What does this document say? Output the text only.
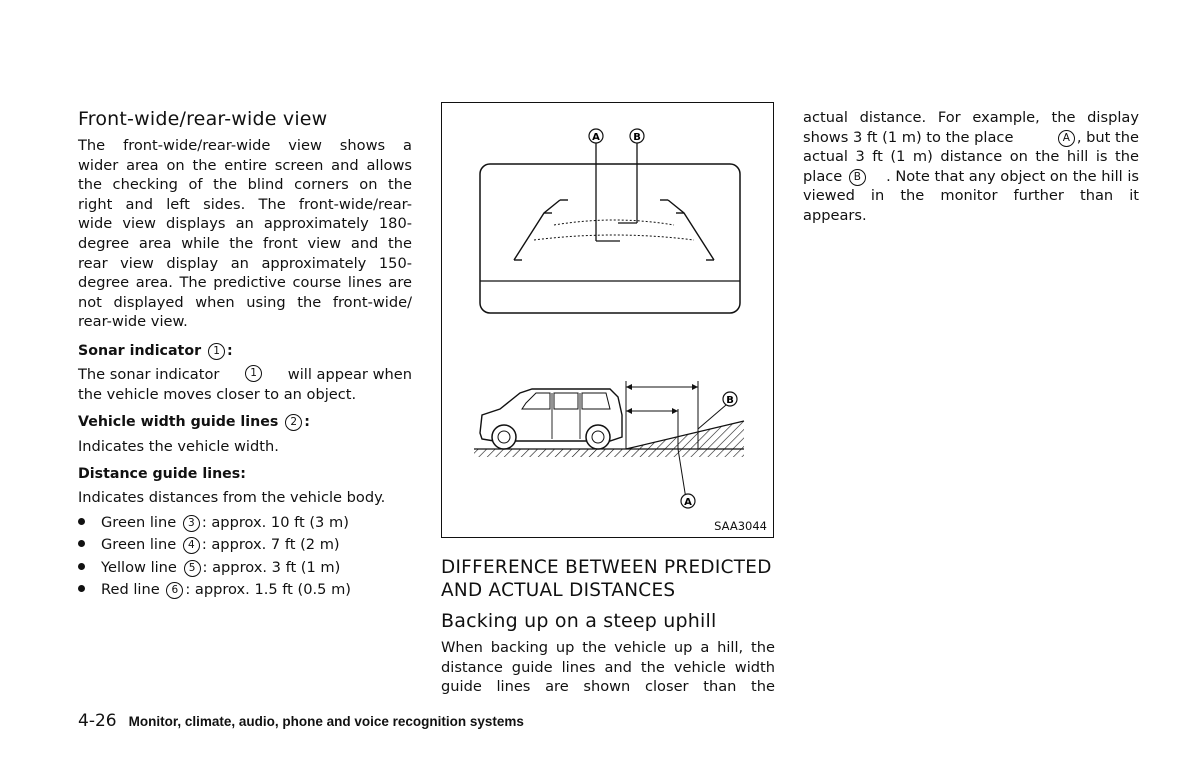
Front-wide/rear-wide view
The front-wide/rear-wide view shows a
wider area on the entire screen and allows
the checking of the blind corners on the
right and left sides. The front-wide/rear-
wide view displays an approximately 180-
degree area while the front view and the
rear view display an approximately 150-
degree area. The predictive course lines are
not displayed when using the front-wide/
rear-wide view.
Sonar indicator 1 :
The sonar indicator	1	will appear when
the vehicle moves closer to an object.
Vehicle width guide lines 2 :
Indicates the vehicle width.
Distance guide lines:
Indicates distances from the vehicle body.
Green line 3 : approx. 10 ft (3 m)
Green line 4 : approx. 7 ft (2 m)
Yellow line 5 : approx. 3 ft (1 m)
Red line 6 : approx. 1.5 ft (0.5 m)
A	B
A
B
SAA3044
DIFFERENCE BETWEEN PREDICTED
AND ACTUAL DISTANCES
Backing up on a steep uphill
When backing up the vehicle up a hill, the
distance guide lines and the vehicle width
guide lines are shown closer than the
actual distance. For example, the display
shows 3 ft (1 m) to the place	A , but the
actual 3 ft (1 m) distance on the hill is the
place B	. Note that any object on the hill is
viewed in the monitor further than it
appears.
4-26 Monitor, climate, audio, phone and voice recognition systems
